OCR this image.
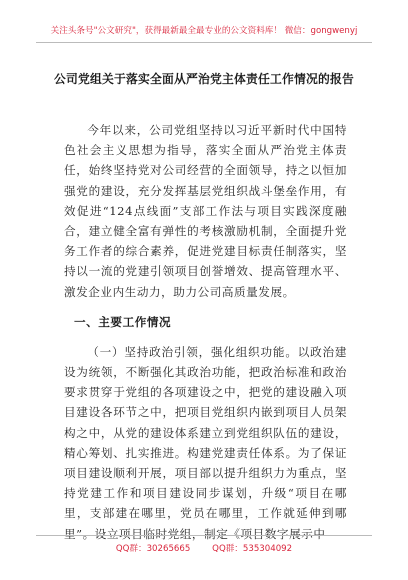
关注头条号"公文研究"，获得最新最全最专业的公文资料库！ 微信：gongwenyj
公司党组关于落实全面从严治党主体责任工作情况的报告

今年以来，公司党组坚持以习近平新时代中国特色社会主义思想为指导，落实全面从严治党主体责任，始终坚持党对公司经营的全面领导，持之以恒加强党的建设，充分发挥基层党组织战斗堡垒作用，有效促进“124点线面”支部工作法与项目实践深度融合，建立健全富有弹性的考核激励机制，全面提升党务工作者的综合素养，促进党建目标责任制落实，坚持以一流的党建引领项目创誉增效、提高管理水平、激发企业内生动力，助力公司高质量发展。

一、主要工作情况

（一）坚持政治引领，强化组织功能。以政治建设为统领，不断强化其政治功能，把政治标准和政治要求贯穿于党组的各项建设之中，把党的建设融入项目建设各环节之中，把项目党组织内嵌到项目人员架构之中，从党的建设体系建立到党组织队伍的建设，精心筹划、扎实推进。构建党建责任体系。为了保证项目建设顺利开展，项目部以提升组织力为重点，坚持党建工作和项目建设同步谋划，升级“项目在哪里，支部建在哪里，党员在哪里，工作就延伸到哪里”。设立项目临时党组，制定《项目数字展示中

QQ群：30265665        QQ群：535304092
